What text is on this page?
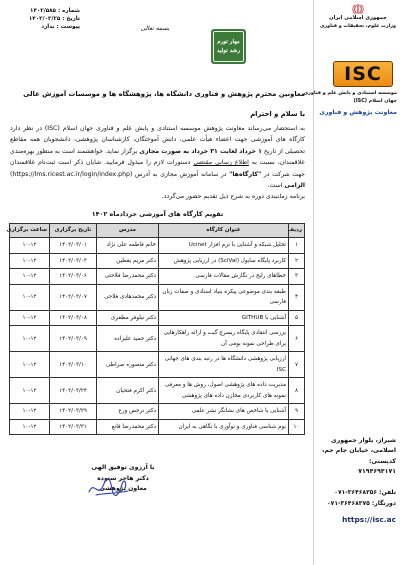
شماره : ۱۴۰۲/۵۸۵
تاریخ : ۱۴۰۲/۰۲/۲۵
پیوست : ندارد	بسمه تعالی
مهار تورم
رشد تولید
معاونین محترم پژوهش و فناوری دانشگاه ها، پژوهشگاه ها و موسسات آموزش عالی
با سلام و احترام

به استحضار می‌رساند معاونت پژوهش موسسه استنادی و پایش علم و فناوری جهان اسلام (ISC) در نظر دارد کارگاه های آموزشی جهت اعضاء هیأت علمی، دانش آموختگان، کارشناسان پژوهشی، دانشجویان همه مقاطع تحصیلی از تاریخ ۱ خرداد لغایت ۳۱ خرداد به صورت مجازی برگزار نماید. خواهشمند است به منظور بهره‌مندی علاقمندان، نسبت به اطلاع رسانی مقتضی دستورات لازم را مبذول فرمایید. شایان ذکر است ثبت‌نام علاقمندان جهت شرکت در "کارگاه‌ها" در سامانه آموزش مجازی به آدرس (https://lms.ricest.ac.ir/login/index.php) الزامی است.

برنامه زمانبندی دوره به شرح ذیل تقدیم حضور می‌گردد.
تقویم کارگاه های آموزشی خردادماه ۱۴۰۲
ردیف	عنوان کارگاه	مدرس	تاریخ برگزاری	ساعت برگزاری
۱	تحلیل شبکه و آشنایی با نرم افزار Ucinet	خانم فاطمه علی نژاد	۱۴۰۲/۰۳/۰۱	۱۰-۱۲
۲	کاربرد پایگاه سایول (SciVal) در ارزیابی پژوهش	دکتر مریم یقطین	۱۴۰۲/۰۳/۰۳	۱۰-۱۲
۳	خطاهای رایج در نگارش مقالات فارسی	دکتر محمدرضا فلاحتی	۱۴۰۲/۰۳/۰۶	۱۰-۱۲
۴	طبقه بندی موضوعی پیکره بنیاد اسنادی و صفات زبان فارسی	دکتر محمدهادی فلاحی	۱۴۰۲/۰۳/۰۷	۱۰-۱۲
۵	آشنایی با GITHUB	دکتر نیلوفر مظفری	۱۴۰۲/۰۳/۰۸	۱۰-۱۲
۶	بررسی انتقادی پایگاه ریسرچ گیت و ارائه راهکارهایی برای طراحی نمونه بومی آن	دکتر حمید علیزاده	۱۴۰۲/۰۳/۰۹	۱۰-۱۲
۷	ارزیابی پژوهشی دانشگاه ها در رتبه بندی های جهانی ISC	دکتر منصوره صراطی	۱۴۰۲/۰۳/۱۰	۱۰-۱۲
۸	مدیریت داده های پژوهشی اصول، روش ها و معرفی نمونه های کاربردی مخازن داده های پژوهشی	دکتر اکرم فتحیان	۱۴۰۲/۰۳/۲۴	۱۰-۱۲
۹	آشنایی با شاخص های نشانگر نشر علمی	دکتر نرجس ورع	۱۴۰۲/۰۳/۲۹	۱۰-۱۲
۱۰	بوم شناسی فناوری و نوآوری با نگاهی به ایران	دکتر محمدرضا قانع	۱۴۰۲/۰۳/۳۱	۱۰-۱۲
با آرزوی توفیق الهی
دکتر هاجر ستوده
معاون پژوهشی
جمهوری اسلامی ایران
وزارت علوم، تحقیقات و فناوری
ISC
موسسه استنادی و پایش علم و فناوری
جهان اسلام (ISC)
معاونت پژوهش و فناوری
شیراز، بلوار جمهوری
اسلامی، خیابان جام جم،
کدپستی:
۷۱۹۴۶۹۴۱۷۱
تلفن: ۰۷۱-۳۶۴۶۸۳۵۶
دورنگار: ۰۷۱-۳۶۴۶۸۳۷۵
https://isc.ac
